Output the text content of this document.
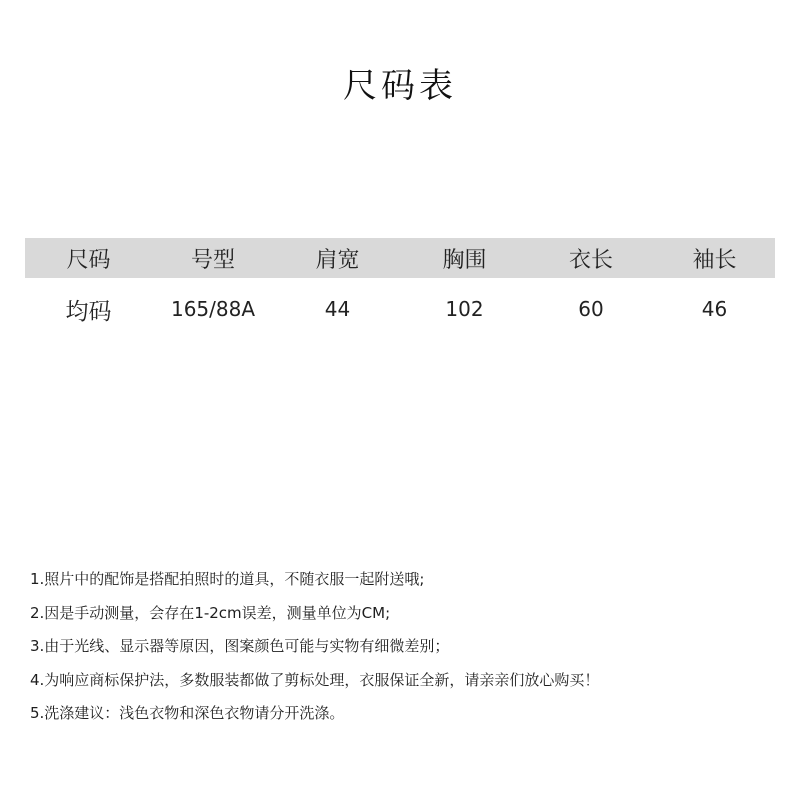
尺码表
尺码	号型	肩宽	胸围	衣长	袖长
均码	165/88A	44	102	60	46
1.照片中的配饰是搭配拍照时的道具，不随衣服一起附送哦;
2.因是手动测量，会存在1-2cm误差，测量单位为CM;
3.由于光线、显示器等原因，图案颜色可能与实物有细微差别；
4.为响应商标保护法，多数服装都做了剪标处理，衣服保证全新，请亲亲们放心购买！
5.洗涤建议：浅色衣物和深色衣物请分开洗涤。
